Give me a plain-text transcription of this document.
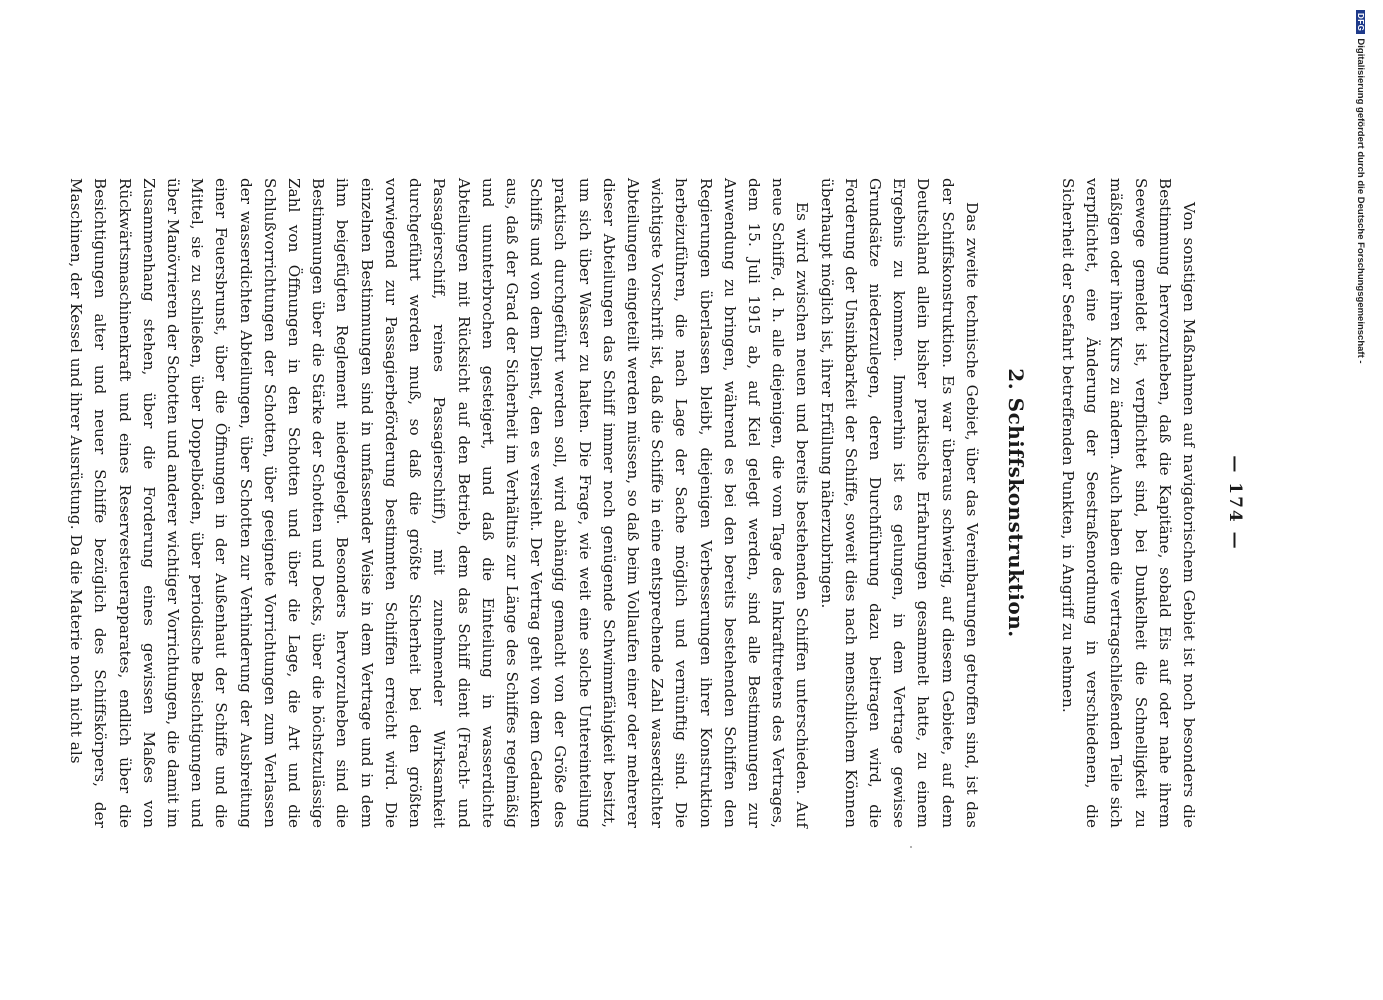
— 174 —

Von sonstigen Maßnahmen auf navigatorischem Gebiet ist noch besonders die Bestimmung hervorzuheben, daß die Kapitäne, sobald Eis auf oder nahe ihrem Seewege gemeldet ist, verpflichtet sind, bei Dunkelheit die Schnelligkeit zu mäßigen oder ihren Kurs zu ändern. Auch haben die vertragschließenden Teile sich verpflichtet, eine Änderung der Seestraßenordnung in verschiedenen, die Sicherheit der Seefahrt betreffenden Punkten, in Angriff zu nehmen.

2. Schiffskonstruktion.

Das zweite technische Gebiet, über das Vereinbarungen getroffen sind, ist das der Schiffskonstruktion. Es war überaus schwierig, auf diesem Gebiete, auf dem Deutschland allein bisher praktische Erfahrungen gesammelt hatte, zu einem Ergebnis zu kommen. Immerhin ist es gelungen, in dem Vertrage gewisse Grundsätze niederzulegen, deren Durchführung dazu beitragen wird, die Forderung der Unsinkbarkeit der Schiffe, soweit dies nach menschlichem Können überhaupt möglich ist, ihrer Erfüllung näherzubringen.

Es wird zwischen neuen und bereits bestehenden Schiffen unterschieden. Auf neue Schiffe, d. h. alle diejenigen, die vom Tage des Inkrafttretens des Vertrages, dem 15. Juli 1915 ab, auf Kiel gelegt werden, sind alle Bestimmungen zur Anwendung zu bringen, während es bei den bereits bestehenden Schiffen den Regierungen überlassen bleibt, diejenigen Verbesserungen ihrer Konstruktion herbeizuführen, die nach Lage der Sache möglich und vernünftig sind. Die wichtigste Vorschrift ist, daß die Schiffe in eine entsprechende Zahl wasserdichter Abteilungen eingeteilt werden müssen, so daß beim Vollaufen einer oder mehrerer dieser Abteilungen das Schiff immer noch genügende Schwimmfähigkeit besitzt, um sich über Wasser zu halten. Die Frage, wie weit eine solche Untereinteilung praktisch durchgeführt werden soll, wird abhängig gemacht von der Größe des Schiffs und von dem Dienst, den es versieht. Der Vertrag geht von dem Gedanken aus, daß der Grad der Sicherheit im Verhältnis zur Länge des Schiffes regelmäßig und ununterbrochen gesteigert, und daß die Einteilung in wasserdichte Abteilungen mit Rücksicht auf den Betrieb, dem das Schiff dient (Fracht- und Passagierschiff, reines Passagierschiff), mit zunehmender Wirksamkeit durchgeführt werden muß, so daß die größte Sicherheit bei den größten vorwiegend zur Passagierbeförderung bestimmten Schiffen erreicht wird. Die einzelnen Bestimmungen sind in umfassender Weise in dem Vertrage und in dem ihm beigefügten Reglement niedergelegt. Besonders hervorzuheben sind die Bestimmungen über die Stärke der Schotten und Decks, über die höchstzulässige Zahl von Öffnungen in den Schotten und über die Lage, die Art und die Schlußvorrichtungen der Schotten, über geeignete Vorrichtungen zum Verlassen der wasserdichten Abteilungen, über Schotten zur Verhinderung der Ausbreitung einer Feuersbrunst, über die Öffnungen in der Außenhaut der Schiffe und die Mittel, sie zu schließen, über Doppelböden, über periodische Besichtigungen und über Manövrieren der Schotten und anderer wichtiger Vorrichtungen, die damit im Zusammenhang stehen, über die Forderung eines gewissen Maßes von Rückwärtsmaschinenkraft und eines Reservesteuerapparates, endlich über die Besichtigungen alter und neuer Schiffe bezüglich des Schiffskörpers, der Maschinen, der Kessel und ihrer Ausrüstung. Da die Materie noch nicht als

DFGDigitalisierung gefördert durch die Deutsche Forschungsgemeinschaft -
